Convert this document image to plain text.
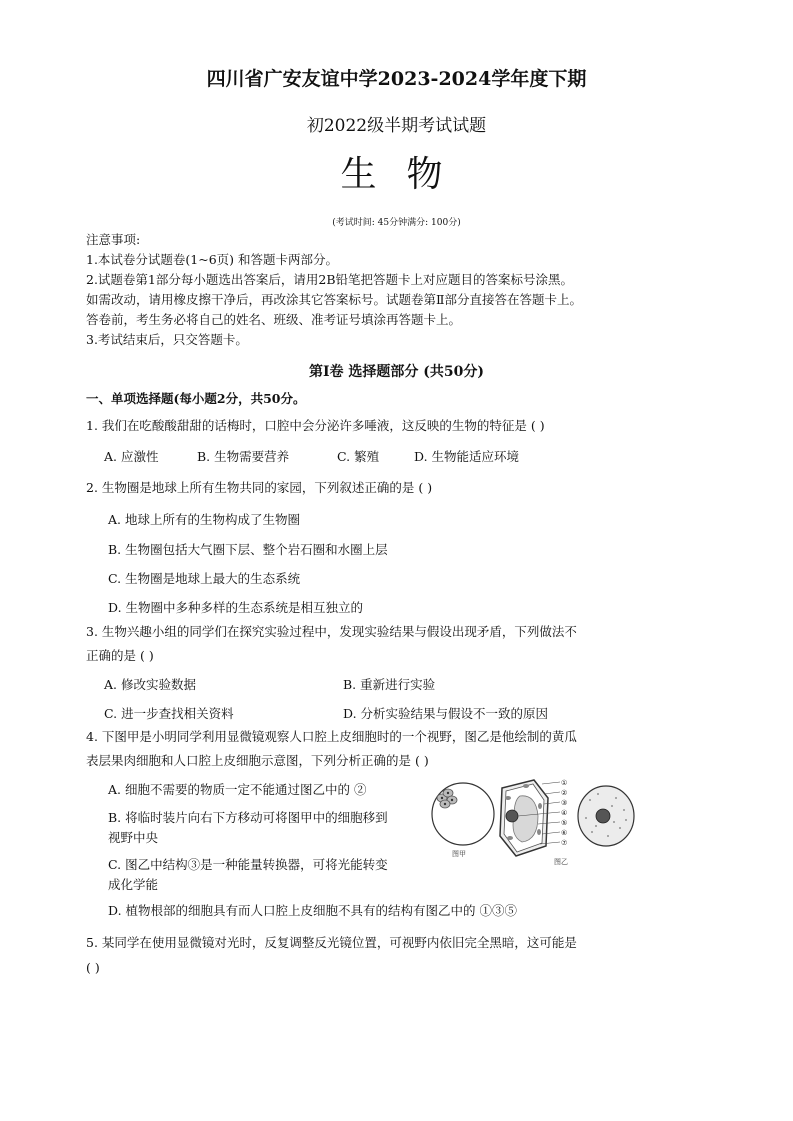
四川省广安友谊中学2023-2024学年度下期
初2022级半期考试试题
生物
(考试时间: 45分钟满分: 100分)
注意事项:
1.本试卷分试题卷(1~6页) 和答题卡两部分。
2.试题卷第1部分每小题选出答案后，请用2B铅笔把答题卡上对应题目的答案标号涂黑。
如需改动，请用橡皮擦干净后，再改涂其它答案标号。试题卷第Ⅱ部分直接答在答题卡上。
答卷前，考生务必将自己的姓名、班级、准考证号填涂再答题卡上。
3.考试结束后，只交答题卡。
第Ⅰ卷 选择题部分 (共50分)
一、单项选择题(每小题2分，共50分。
1. 我们在吃酸酸甜甜的话梅时，口腔中会分泌许多唾液，这反映的生物的特征是 ( )
A. 应激性	B. 生物需要营养	C. 繁殖	D. 生物能适应环境
2. 生物圈是地球上所有生物共同的家园，下列叙述正确的是 ( )
A. 地球上所有的生物构成了生物圈
B. 生物圈包括大气圈下层、整个岩石圈和水圈上层
C. 生物圈是地球上最大的生态系统
D. 生物圈中多种多样的生态系统是相互独立的
3. 生物兴趣小组的同学们在探究实验过程中，发现实验结果与假设出现矛盾，下列做法不
正确的是 ( )
A. 修改实验数据	B. 重新进行实验
C. 进一步查找相关资料	D. 分析实验结果与假设不一致的原因
4. 下图甲是小明同学利用显微镜观察人口腔上皮细胞时的一个视野，图乙是他绘制的黄瓜
表层果肉细胞和人口腔上皮细胞示意图，下列分析正确的是 ( )
A. 细胞不需要的物质一定不能通过图乙中的 ②
B. 将临时装片向右下方移动可将图甲中的细胞移到
视野中央
C. 图乙中结构③是一种能量转换器，可将光能转变
成化学能
D. 植物根部的细胞具有而人口腔上皮细胞不具有的结构有图乙中的 ①③⑤
图甲
①
②
③
④
⑤
⑥
⑦
图乙
5. 某同学在使用显微镜对光时，反复调整反光镜位置，可视野内依旧完全黑暗，这可能是
( )
